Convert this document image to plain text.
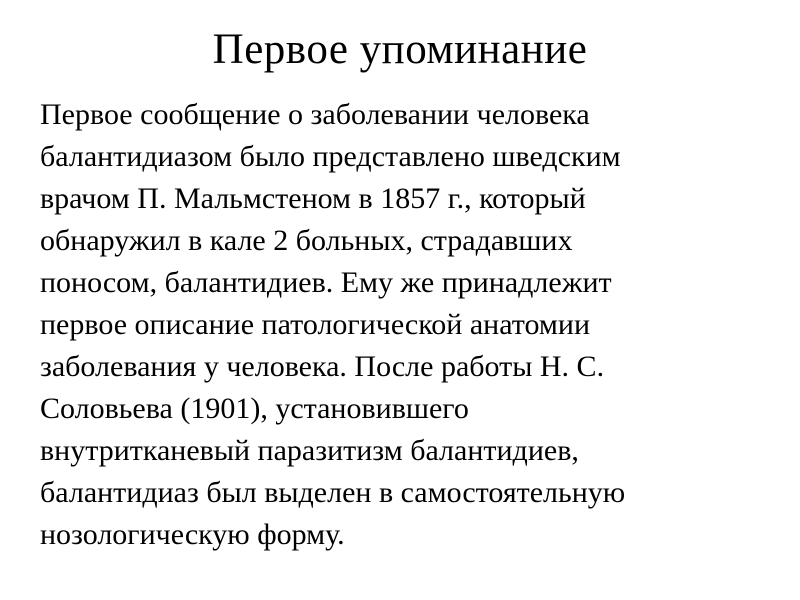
Первое упоминание
Первое сообщение о заболевании человека
балантидиазом было представлено шведским
врачом П. Мальмстеном в 1857 г., который
обнаружил в кале 2 больных, страдавших
поносом, балантидиев. Ему же принадлежит
первое описание патологической анатомии
заболевания у человека. После работы Н. С.
Соловьева (1901), установившего
внутритканевый паразитизм балантидиев,
балантидиаз был выделен в самостоятельную
нозологическую форму.
